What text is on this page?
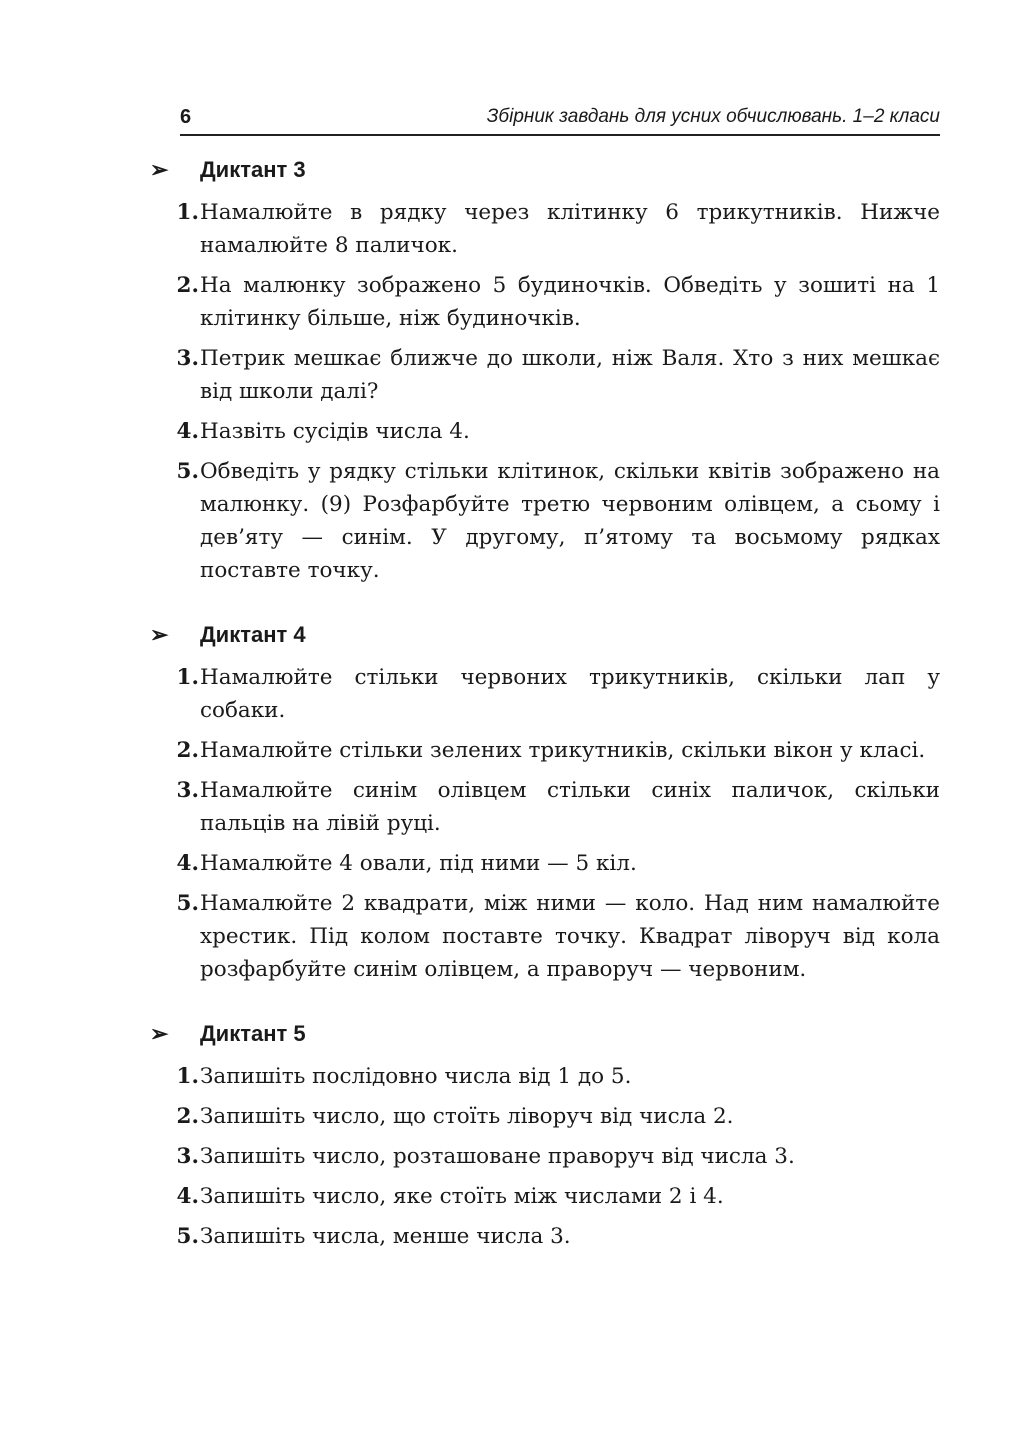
6	Збірник завдань для усних обчислювань. 1–2 класи
➢	Диктант 3
1. Намалюйте в рядку через клітинку 6 трикутників. Нижче намалюйте 8 паличок.
2. На малюнку зображено 5 будиночків. Обведіть у зошиті на 1 клітинку більше, ніж будиночків.
3. Петрик мешкає ближче до школи, ніж Валя. Хто з них мешкає від школи далі?
4. Назвіть сусідів числа 4.
5. Обведіть у рядку стільки клітинок, скільки квітів зображено на малюнку. (9) Розфарбуйте третю червоним олівцем, а сьому і дев’яту — синім. У другому, п’ятому та восьмому рядках поставте точку.
➢	Диктант 4
1. Намалюйте стільки червоних трикутників, скільки лап у собаки.
2. Намалюйте стільки зелених трикутників, скільки вікон у класі.
3. Намалюйте синім олівцем стільки синіх паличок, скільки пальців на лівій руці.
4. Намалюйте 4 овали, під ними — 5 кіл.
5. Намалюйте 2 квадрати, між ними — коло. Над ним намалюйте хрестик. Під колом поставте точку. Квадрат ліворуч від кола розфарбуйте синім олівцем, а праворуч — червоним.
➢	Диктант 5
1. Запишіть послідовно числа від 1 до 5.
2. Запишіть число, що стоїть ліворуч від числа 2.
3. Запишіть число, розташоване праворуч від числа 3.
4. Запишіть число, яке стоїть між числами 2 і 4.
5. Запишіть числа, менше числа 3.
